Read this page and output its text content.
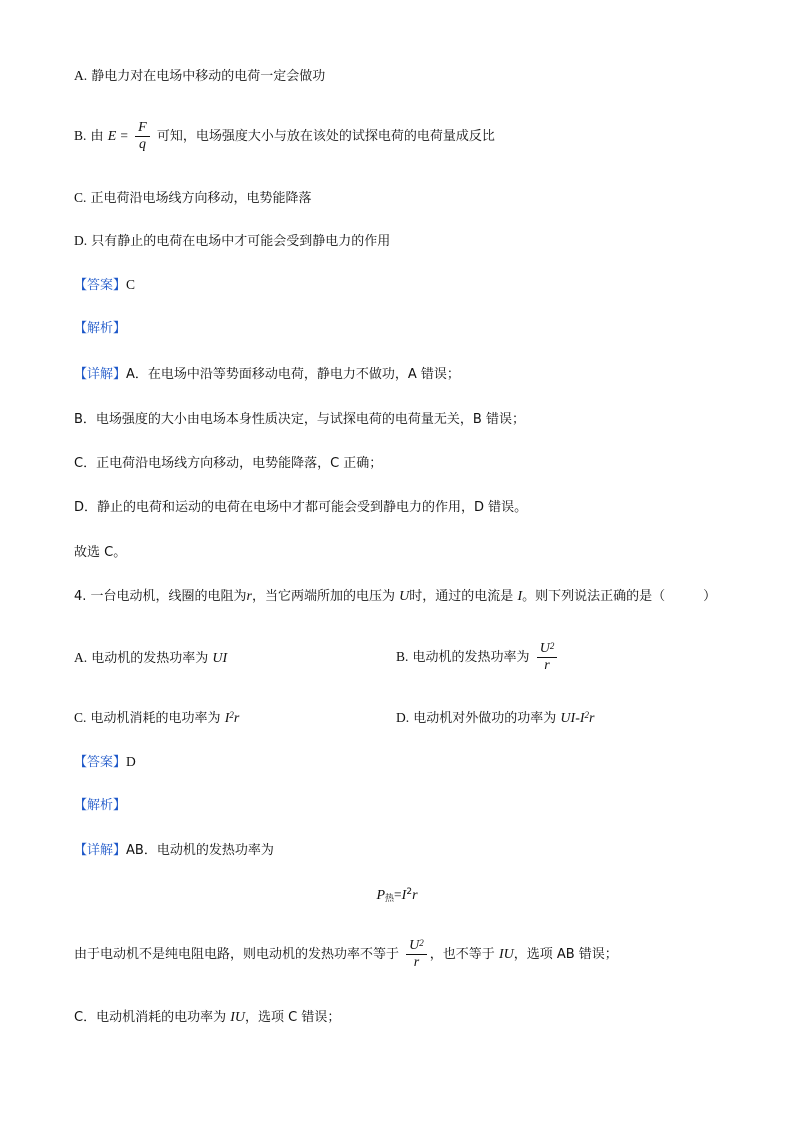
A. 静电力对在电场中移动的电荷一定会做功
B. 由 $E = \frac{F}{q}$ 可知，电场强度大小与放在该处的试探电荷的电荷量成反比
C. 正电荷沿电场线方向移动，电势能降落
D. 只有静止的电荷在电场中才可能会受到静电力的作用
【答案】C
【解析】
【详解】A．在电场中沿等势面移动电荷，静电力不做功，A 错误；
B．电场强度的大小由电场本身性质决定，与试探电荷的电荷量无关，B 错误；
C．正电荷沿电场线方向移动，电势能降落，C 正确；
D．静止的电荷和运动的电荷在电场中才都可能会受到静电力的作用，D 错误。
故选 C。
4. 一台电动机，线圈的电阻为r，当它两端所加的电压为 U时，通过的电流是 I。则下列说法正确的是（	）
A. 电动机的发热功率为 UI	B. 电动机的发热功率为 $\frac{U^2}{r}$
C. 电动机消耗的电功率为 $I^2r$	D. 电动机对外做功的功率为 $UI-I^2r$
【答案】D
【解析】
【详解】AB．电动机的发热功率为
$P_热=I^2r$
由于电动机不是纯电阻电路，则电动机的发热功率不等于 $\frac{U^2}{r}$ ，也不等于 IU，选项 AB 错误；
C．电动机消耗的电功率为 IU，选项 C 错误；
